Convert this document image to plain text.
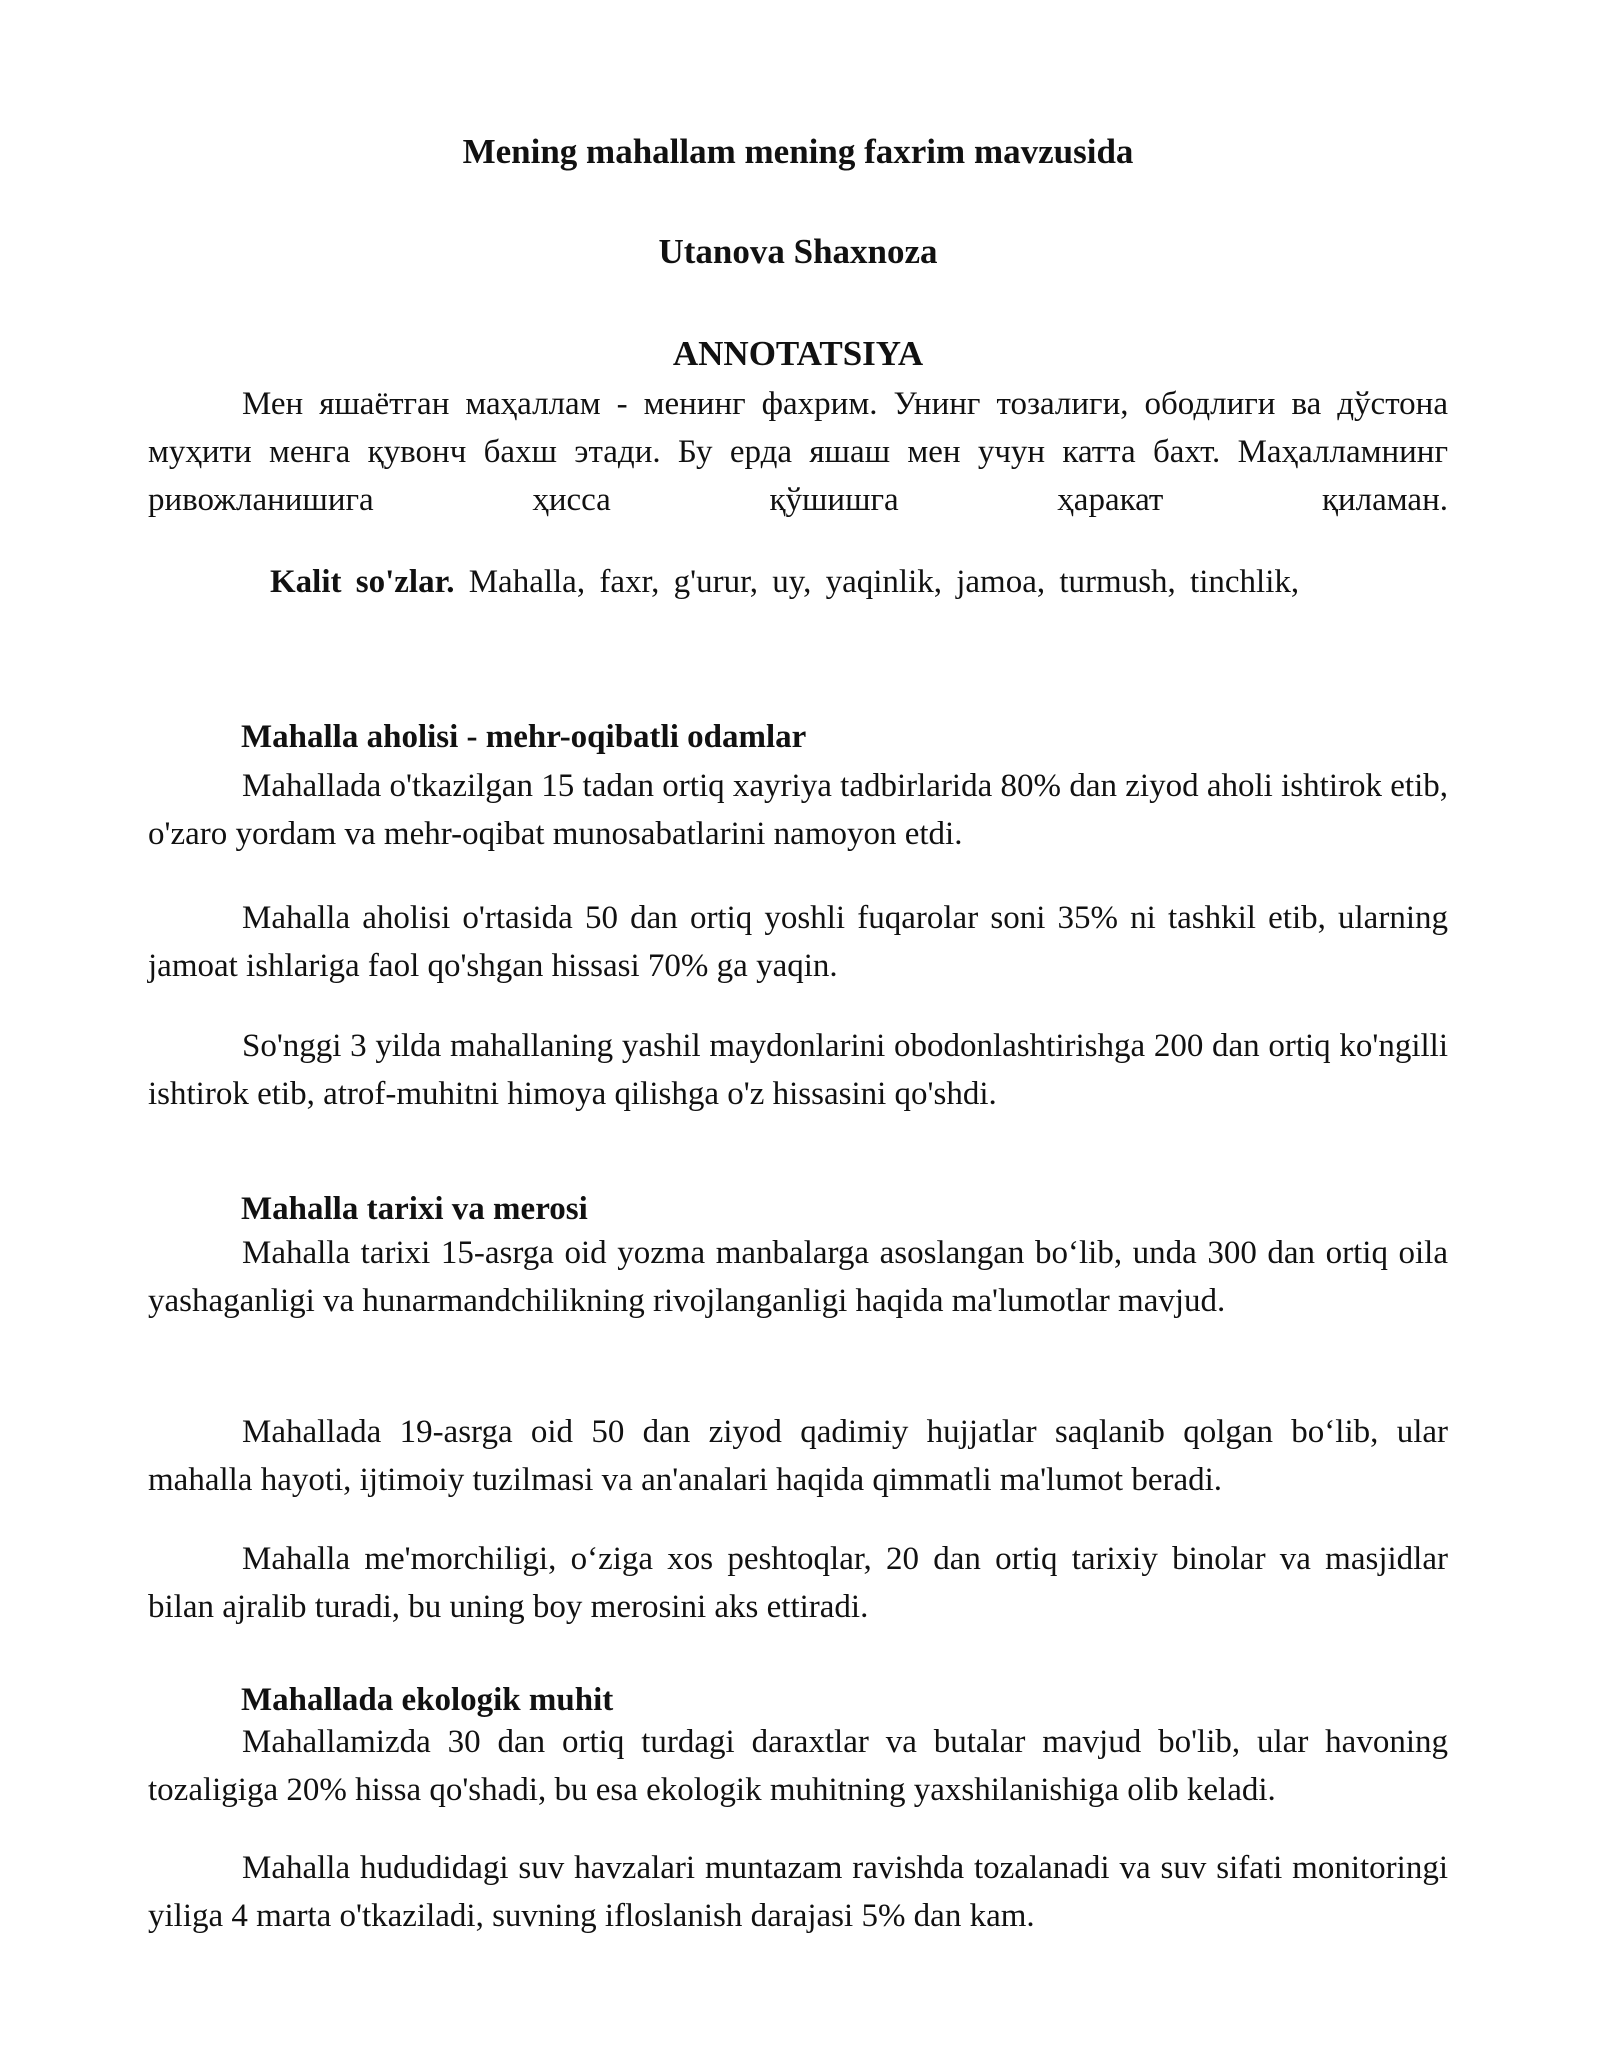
Mening mahallam mening faxrim mavzusida

Utanova Shaxnoza

ANNOTATSIYA

Мен яшаётган маҳаллам - менинг фахрим. Унинг тозалиги, ободлиги ва дўстона муҳити менга қувонч бахш этади. Бу ерда яшаш мен учун катта бахт. Маҳалламнинг ривожланишига ҳисса қўшишга ҳаракат қиламан.

Kalit so'zlar. Mahalla, faxr, g'urur, uy, yaqinlik, jamoa, turmush, tinchlik,

Mahalla aholisi - mehr-oqibatli odamlar

Mahallada o'tkazilgan 15 tadan ortiq xayriya tadbirlarida 80% dan ziyod aholi ishtirok etib, o'zaro yordam va mehr-oqibat munosabatlarini namoyon etdi.

Mahalla aholisi o'rtasida 50 dan ortiq yoshli fuqarolar soni 35% ni tashkil etib, ularning jamoat ishlariga faol qo'shgan hissasi 70% ga yaqin.

So'nggi 3 yilda mahallaning yashil maydonlarini obodonlashtirishga 200 dan ortiq ko'ngilli ishtirok etib, atrof-muhitni himoya qilishga o'z hissasini qo'shdi.

Mahalla tarixi va merosi

Mahalla tarixi 15-asrga oid yozma manbalarga asoslangan bo‘lib, unda 300 dan ortiq oila yashaganligi va hunarmandchilikning rivojlanganligi haqida ma'lumotlar mavjud.

Mahallada 19-asrga oid 50 dan ziyod qadimiy hujjatlar saqlanib qolgan bo‘lib, ular mahalla hayoti, ijtimoiy tuzilmasi va an'analari haqida qimmatli ma'lumot beradi.

Mahalla me'morchiligi, o‘ziga xos peshtoqlar, 20 dan ortiq tarixiy binolar va masjidlar bilan ajralib turadi, bu uning boy merosini aks ettiradi.

Mahallada ekologik muhit

Mahallamizda 30 dan ortiq turdagi daraxtlar va butalar mavjud bo'lib, ular havoning tozaligiga 20% hissa qo'shadi, bu esa ekologik muhitning yaxshilanishiga olib keladi.

Mahalla hududidagi suv havzalari muntazam ravishda tozalanadi va suv sifati monitoringi yiliga 4 marta o'tkaziladi, suvning ifloslanish darajasi 5% dan kam.
